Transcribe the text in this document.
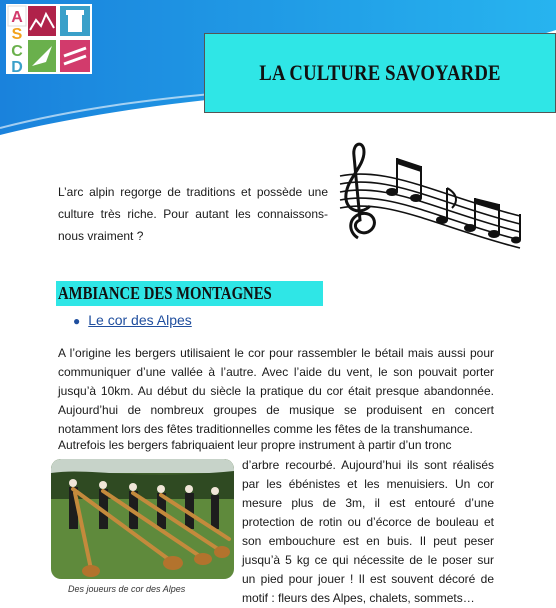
A
S
C
D	LA CULTURE SAVOYARDE
L’arc alpin regorge de traditions et possède une culture très riche. Pour autant les connaissons-nous vraiment ?
AMBIANCE DES MONTAGNES
● Le cor des Alpes
A l’origine les bergers utilisaient le cor pour rassembler le bétail mais aussi pour communiquer d’une vallée à l’autre. Avec l’aide du vent, le son pouvait porter jusqu’à 10km. Au début du siècle la pratique du cor était presque abandonnée. Aujourd’hui de nombreux groupes de musique se produisent en concert notamment lors des fêtes traditionnelles comme les fêtes de la transhumance.
Autrefois les bergers fabriquaient leur propre instrument à partir d’un tronc
d’arbre recourbé. Aujourd’hui ils sont réalisés par les ébénistes et les menuisiers. Un cor mesure plus de 3m, il est entouré d’une protection de rotin ou d’écorce de bouleau et son embouchure est en buis. Il peut peser jusqu’à 5 kg ce qui nécessite de le poser sur un pied pour jouer ! Il est souvent décoré de motif : fleurs des Alpes, chalets, sommets…
Des joueurs de cor des Alpes
